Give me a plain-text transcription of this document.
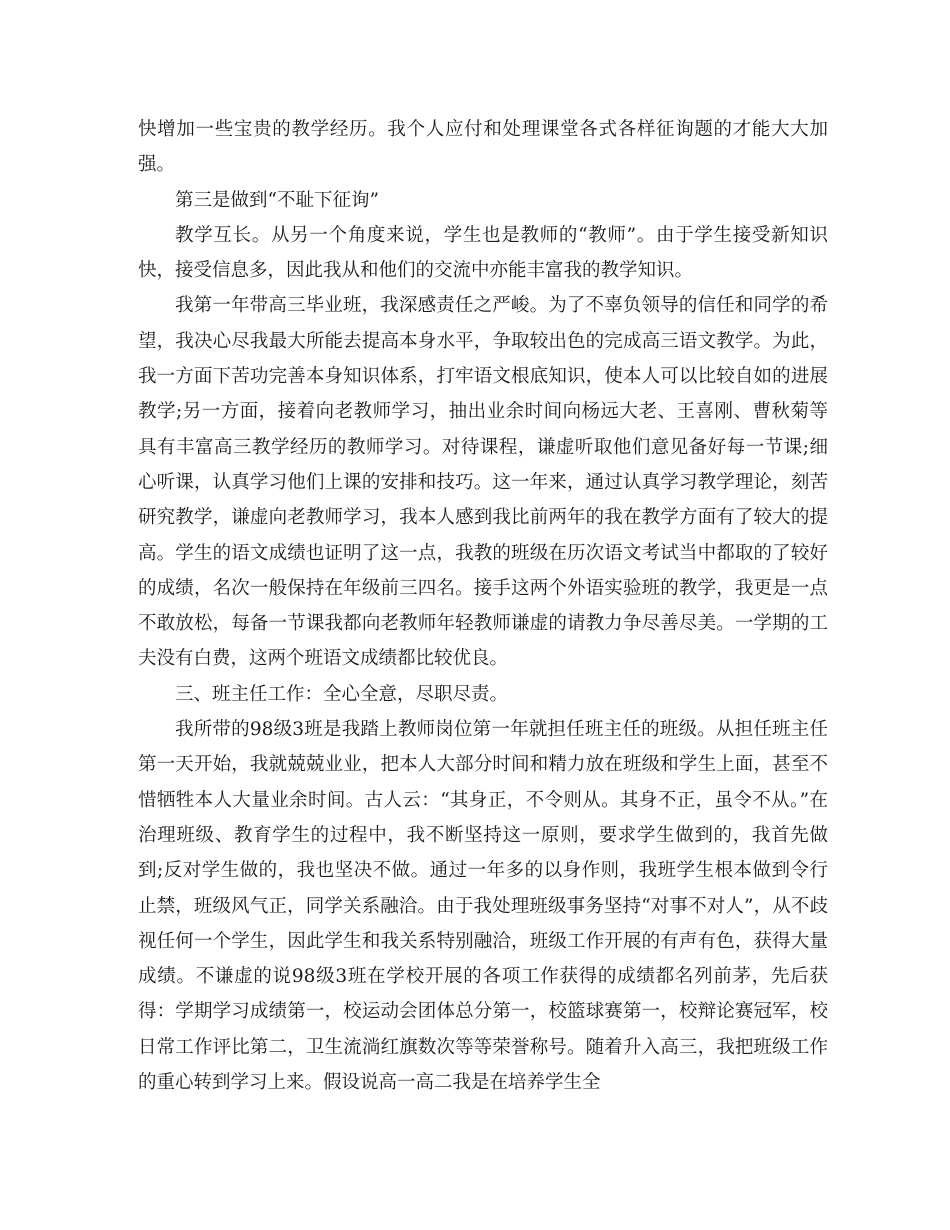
快增加一些宝贵的教学经历。我个人应付和处理课堂各式各样征询题的才能大大加强。

第三是做到“不耻下征询”

教学互长。从另一个角度来说，学生也是教师的“教师”。由于学生接受新知识快，接受信息多，因此我从和他们的交流中亦能丰富我的教学知识。

我第一年带高三毕业班，我深感责任之严峻。为了不辜负领导的信任和同学的希望，我决心尽我最大所能去提高本身水平，争取较出色的完成高三语文教学。为此，我一方面下苦功完善本身知识体系，打牢语文根底知识，使本人可以比较自如的进展教学;另一方面，接着向老教师学习，抽出业余时间向杨远大老、王喜刚、曹秋菊等具有丰富高三教学经历的教师学习。对待课程，谦虚听取他们意见备好每一节课;细心听课，认真学习他们上课的安排和技巧。这一年来，通过认真学习教学理论，刻苦研究教学，谦虚向老教师学习，我本人感到我比前两年的我在教学方面有了较大的提高。学生的语文成绩也证明了这一点，我教的班级在历次语文考试当中都取的了较好的成绩，名次一般保持在年级前三四名。接手这两个外语实验班的教学，我更是一点不敢放松，每备一节课我都向老教师年轻教师谦虚的请教力争尽善尽美。一学期的工夫没有白费，这两个班语文成绩都比较优良。

三、班主任工作：全心全意，尽职尽责。

我所带的98级3班是我踏上教师岗位第一年就担任班主任的班级。从担任班主任第一天开始，我就兢兢业业，把本人大部分时间和精力放在班级和学生上面，甚至不惜牺牲本人大量业余时间。古人云：“其身正，不令则从。其身不正，虽令不从。”在治理班级、教育学生的过程中，我不断坚持这一原则，要求学生做到的，我首先做到;反对学生做的，我也坚决不做。通过一年多的以身作则，我班学生根本做到令行止禁，班级风气正，同学关系融洽。由于我处理班级事务坚持“对事不对人”，从不歧视任何一个学生，因此学生和我关系特别融洽，班级工作开展的有声有色，获得大量成绩。不谦虚的说98级3班在学校开展的各项工作获得的成绩都名列前茅，先后获得：学期学习成绩第一，校运动会团体总分第一，校篮球赛第一，校辩论赛冠军，校日常工作评比第二，卫生流淌红旗数次等等荣誉称号。随着升入高三，我把班级工作的重心转到学习上来。假设说高一高二我是在培养学生全
